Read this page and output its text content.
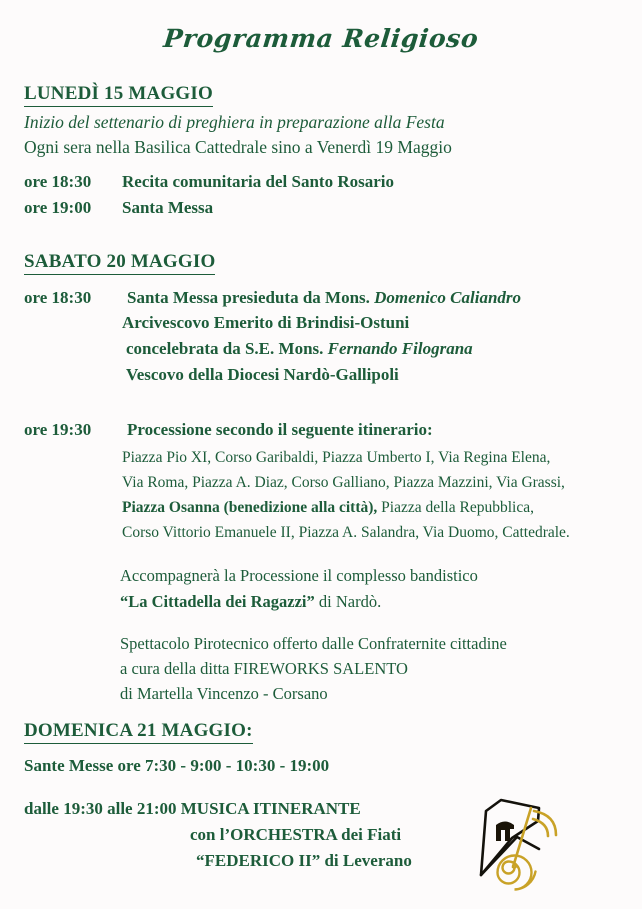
Programma Religioso
LUNEDÌ 15 MAGGIO
Inizio del settenario di preghiera in preparazione alla Festa
Ogni sera nella Basilica Cattedrale sino a Venerdì 19 Maggio
ore 18:30 Recita comunitaria del Santo Rosario
ore 19:00 Santa Messa
SABATO 20 MAGGIO
ore 18:30 Santa Messa presieduta da Mons. Domenico Caliandro
Arcivescovo Emerito di Brindisi-Ostuni
concelebrata da S.E. Mons. Fernando Filograna
Vescovo della Diocesi Nardò-Gallipoli
ore 19:30 Processione secondo il seguente itinerario:
Piazza Pio XI, Corso Garibaldi, Piazza Umberto I, Via Regina Elena,
Via Roma, Piazza A. Diaz, Corso Galliano, Piazza Mazzini, Via Grassi,
Piazza Osanna (benedizione alla città), Piazza della Repubblica,
Corso Vittorio Emanuele II, Piazza A. Salandra, Via Duomo, Cattedrale.
Accompagnerà la Processione il complesso bandistico
“La Cittadella dei Ragazzi” di Nardò.
Spettacolo Pirotecnico offerto dalle Confraternite cittadine
a cura della ditta FIREWORKS SALENTO
di Martella Vincenzo - Corsano
DOMENICA 21 MAGGIO:
Sante Messe ore 7:30 - 9:00 - 10:30 - 19:00
dalle 19:30 alle 21:00 MUSICA ITINERANTE
con l’ORCHESTRA dei Fiati
“FEDERICO II” di Leverano
